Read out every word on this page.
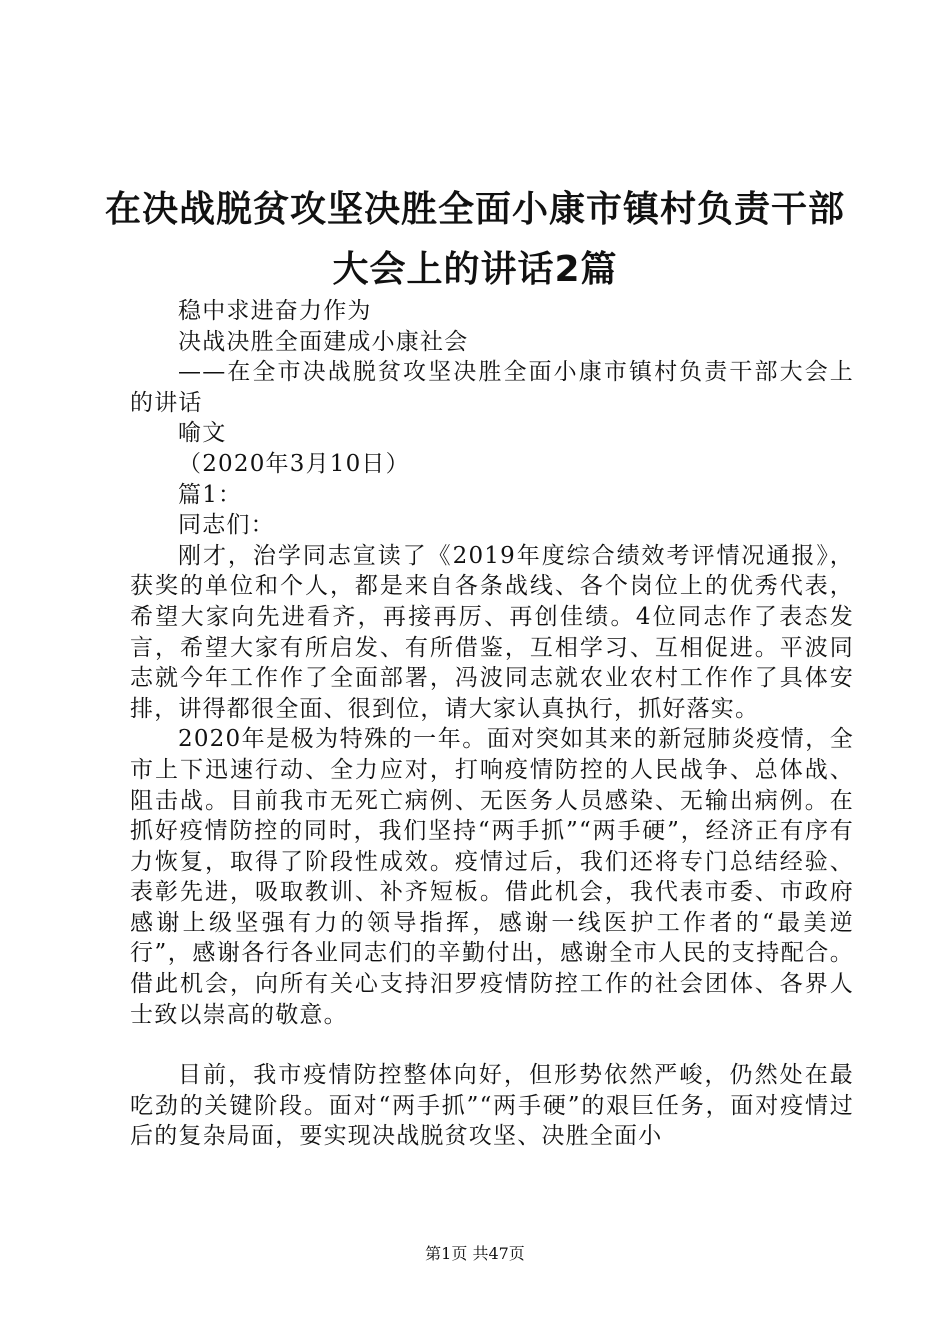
在决战脱贫攻坚决胜全面小康市镇村负责干部
大会上的讲话2篇

稳中求进奋力作为

决战决胜全面建成小康社会

——在全市决战脱贫攻坚决胜全面小康市镇村负责干部大会上的讲话

喻文

（2020年3月10日）

篇1：

同志们：

刚才，治学同志宣读了《2019年度综合绩效考评情况通报》，获奖的单位和个人，都是来自各条战线、各个岗位上的优秀代表，希望大家向先进看齐，再接再厉、再创佳绩。4位同志作了表态发言，希望大家有所启发、有所借鉴，互相学习、互相促进。平波同志就今年工作作了全面部署，冯波同志就农业农村工作作了具体安排，讲得都很全面、很到位，请大家认真执行，抓好落实。

2020年是极为特殊的一年。面对突如其来的新冠肺炎疫情，全市上下迅速行动、全力应对，打响疫情防控的人民战争、总体战、阻击战。目前我市无死亡病例、无医务人员感染、无输出病例。在抓好疫情防控的同时，我们坚持“两手抓”“两手硬”，经济正有序有力恢复，取得了阶段性成效。疫情过后，我们还将专门总结经验、表彰先进，吸取教训、补齐短板。借此机会，我代表市委、市政府感谢上级坚强有力的领导指挥，感谢一线医护工作者的“最美逆行”，感谢各行各业同志们的辛勤付出，感谢全市人民的支持配合。借此机会，向所有关心支持汨罗疫情防控工作的社会团体、各界人士致以崇高的敬意。

目前，我市疫情防控整体向好，但形势依然严峻，仍然处在最吃劲的关键阶段。面对“两手抓”“两手硬”的艰巨任务，面对疫情过后的复杂局面，要实现决战脱贫攻坚、决胜全面小

第1页 共47页
